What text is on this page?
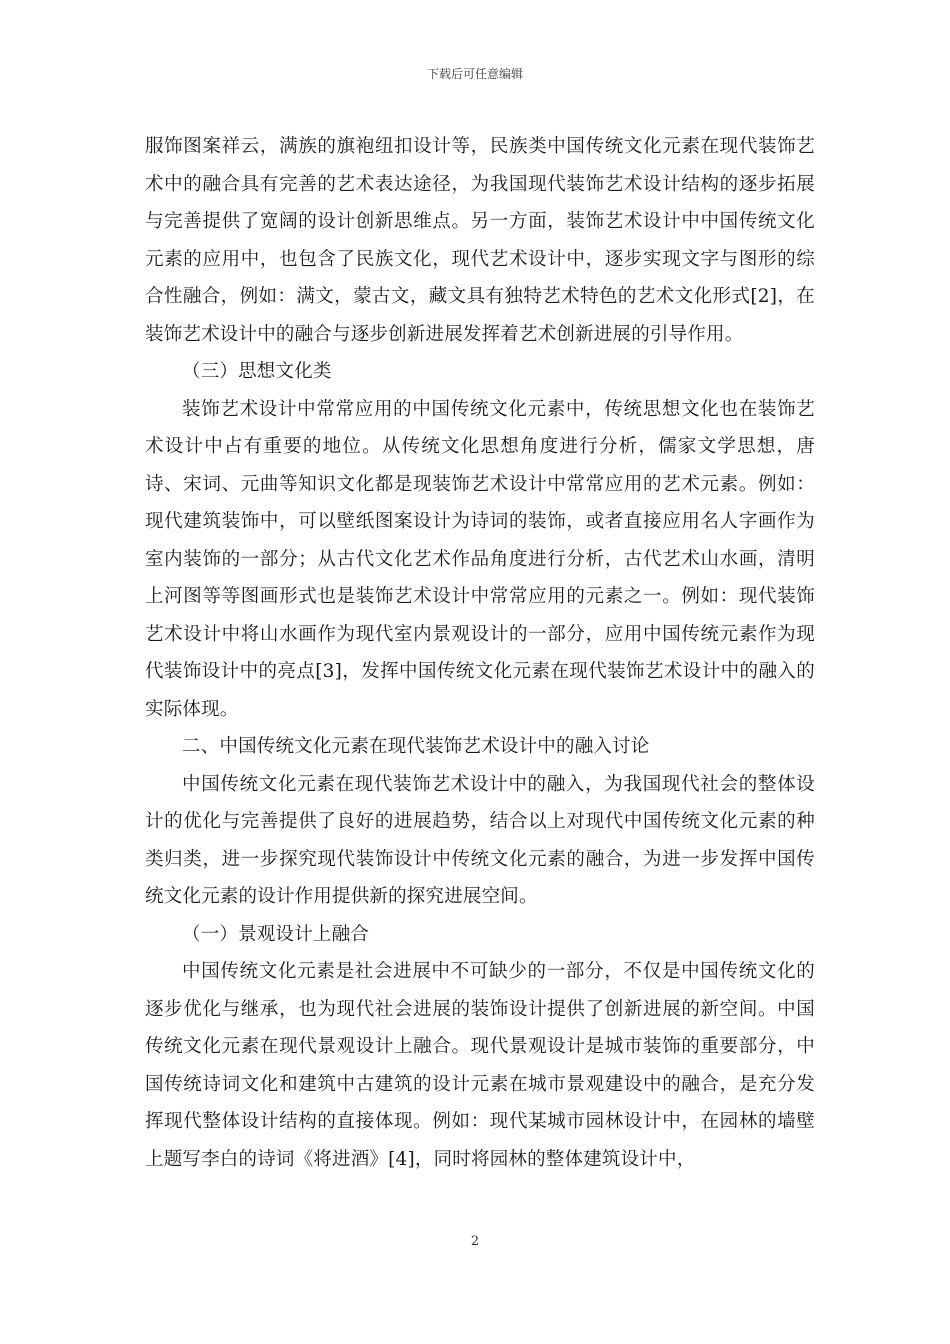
下载后可任意编辑

服饰图案祥云，满族的旗袍纽扣设计等，民族类中国传统文化元素在现代装饰艺术中的融合具有完善的艺术表达途径，为我国现代装饰艺术设计结构的逐步拓展与完善提供了宽阔的设计创新思维点。另一方面，装饰艺术设计中中国传统文化元素的应用中，也包含了民族文化，现代艺术设计中，逐步实现文字与图形的综合性融合，例如：满文，蒙古文，藏文具有独特艺术特色的艺术文化形式[2]，在装饰艺术设计中的融合与逐步创新进展发挥着艺术创新进展的引导作用。

（三）思想文化类

装饰艺术设计中常常应用的中国传统文化元素中，传统思想文化也在装饰艺术设计中占有重要的地位。从传统文化思想角度进行分析，儒家文学思想，唐诗、宋词、元曲等知识文化都是现装饰艺术设计中常常应用的艺术元素。例如：现代建筑装饰中，可以壁纸图案设计为诗词的装饰，或者直接应用名人字画作为室内装饰的一部分；从古代文化艺术作品角度进行分析，古代艺术山水画，清明上河图等等图画形式也是装饰艺术设计中常常应用的元素之一。例如：现代装饰艺术设计中将山水画作为现代室内景观设计的一部分，应用中国传统元素作为现代装饰设计中的亮点[3]，发挥中国传统文化元素在现代装饰艺术设计中的融入的实际体现。

二、中国传统文化元素在现代装饰艺术设计中的融入讨论

中国传统文化元素在现代装饰艺术设计中的融入，为我国现代社会的整体设计的优化与完善提供了良好的进展趋势，结合以上对现代中国传统文化元素的种类归类，进一步探究现代装饰设计中传统文化元素的融合，为进一步发挥中国传统文化元素的设计作用提供新的探究进展空间。

（一）景观设计上融合

中国传统文化元素是社会进展中不可缺少的一部分，不仅是中国传统文化的逐步优化与继承，也为现代社会进展的装饰设计提供了创新进展的新空间。中国传统文化元素在现代景观设计上融合。现代景观设计是城市装饰的重要部分，中国传统诗词文化和建筑中古建筑的设计元素在城市景观建设中的融合，是充分发挥现代整体设计结构的直接体现。例如：现代某城市园林设计中，在园林的墙壁上题写李白的诗词《将进酒》[4]，同时将园林的整体建筑设计中，

2
